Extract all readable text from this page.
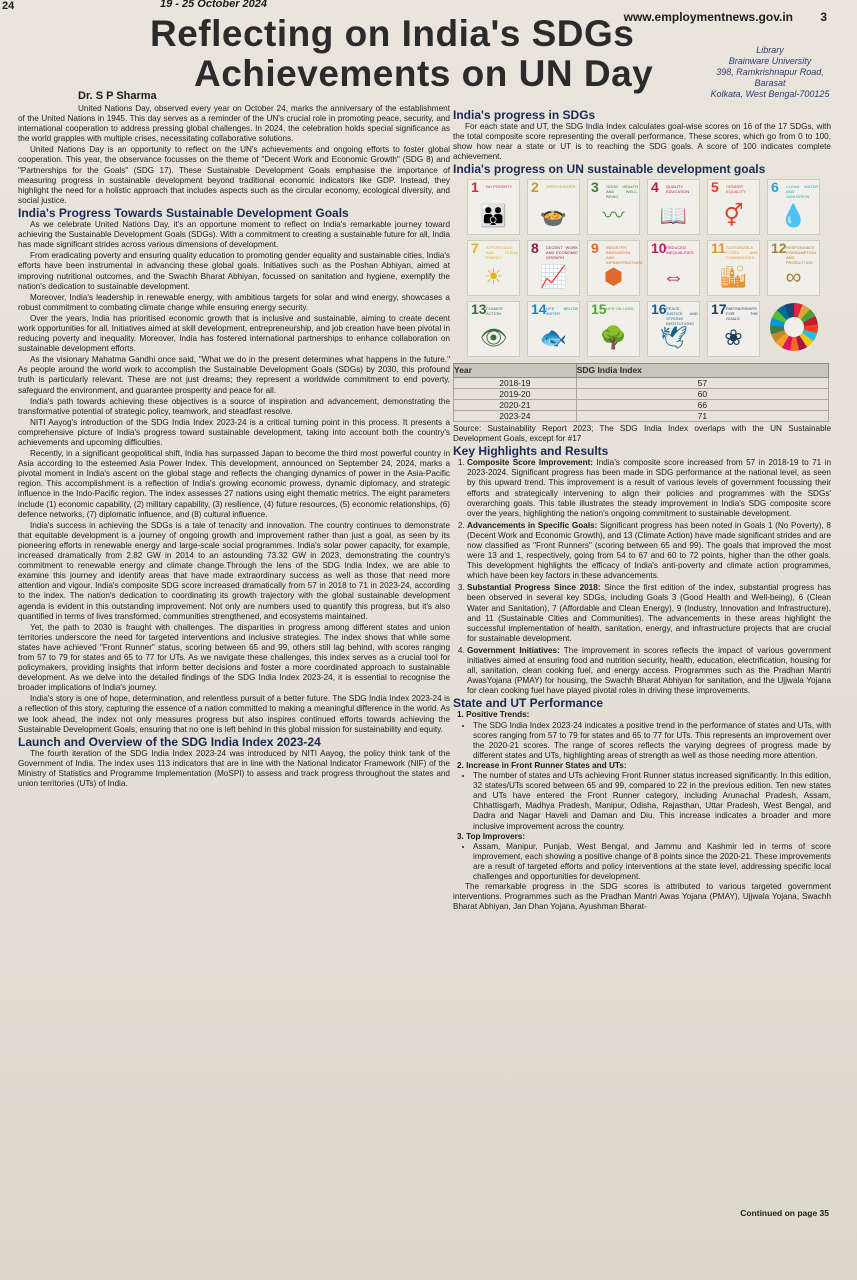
24	19 - 25 October 2024
www.employmentnews.gov.in 3
Reflecting on India's SDGs
Achievements on UN Day
Library
Brainware University
398, Ramkrishnapur Road, Barasat
Kolkata, West Bengal-700125
Dr. S P Sharma

United Nations Day, observed every year on October 24, marks the anniversary of the establishment of the United Nations in 1945. This day serves as a reminder of the UN's crucial role in promoting peace, security, and international cooperation to address pressing global challenges. In 2024, the celebration holds special significance as the world grapples with multiple crises, necessitating collaborative solutions.

United Nations Day is an opportunity to reflect on the UN's achievements and ongoing efforts to foster global cooperation. This year, the observance focusses on the theme of "Decent Work and Economic Growth" (SDG 8) and "Partnerships for the Goals" (SDG 17). These Sustainable Development Goals emphasise the importance of measuring progress in sustainable development beyond traditional economic indicators like GDP. Instead, they highlight the need for a holistic approach that includes aspects such as the circular economy, ecological diversity, and social justice.

India's Progress Towards Sustainable Development Goals

As we celebrate United Nations Day, it's an opportune moment to reflect on India's remarkable journey toward achieving the Sustainable Development Goals (SDGs). With a commitment to creating a sustainable future for all, India has made significant strides across various dimensions of development.

From eradicating poverty and ensuring quality education to promoting gender equality and sustainable cities, India's efforts have been instrumental in advancing these global goals. Initiatives such as the Poshan Abhiyan, aimed at improving nutritional outcomes, and the Swachh Bharat Abhiyan, focussed on sanitation and hygiene, exemplify the nation's dedication to sustainable development.

Moreover, India's leadership in renewable energy, with ambitious targets for solar and wind energy, showcases a robust commitment to combating climate change while ensuring energy security.

Over the years, India has prioritised economic growth that is inclusive and sustainable, aiming to create decent work opportunities for all. Initiatives aimed at skill development, entrepreneurship, and job creation have been pivotal in reducing poverty and inequality. Moreover, India has fostered international partnerships to enhance collaboration on sustainable development efforts.

As the visionary Mahatma Gandhi once said, "What we do in the present determines what happens in the future." As people around the world work to accomplish the Sustainable Development Goals (SDGs) by 2030, this profound truth is particularly relevant. These are not just dreams; they represent a worldwide commitment to end poverty, safeguard the environment, and guarantee prosperity and peace for all.

India's path towards achieving these objectives is a source of inspiration and advancement, demonstrating the transformative potential of strategic policy, teamwork, and steadfast resolve.

NITI Aayog's introduction of the SDG India Index 2023-24 is a critical turning point in this process. It presents a comprehensive picture of India's progress toward sustainable development, taking into account both the country's achievements and upcoming difficulties.

Recently, in a significant geopolitical shift, India has surpassed Japan to become the third most powerful country in Asia according to the esteemed Asia Power Index. This development, announced on September 24, 2024, marks a pivotal moment in India's ascent on the global stage and reflects the changing dynamics of power in the Asia-Pacific region. This accomplishment is a reflection of India's growing economic prowess, dynamic diplomacy, and strategic influence in the Indo-Pacific region. The index assesses 27 nations using eight thematic metrics. The eight parameters include (1) economic capability, (2) military capability, (3) resilience, (4) future resources, (5) economic relationships, (6) defence networks, (7) diplomatic influence, and (8) cultural influence.

India's success in achieving the SDGs is a tale of tenacity and innovation. The country continues to demonstrate that equitable development is a journey of ongoing growth and improvement rather than just a goal, as seen by its pioneering efforts in renewable energy and large-scale social programmes. India's solar power capacity, for example, increased dramatically from 2.82 GW in 2014 to an astounding 73.32 GW in 2023, demonstrating the country's commitment to renewable energy and climate change.Through the lens of the SDG India Index, we are able to examine this journey and identify areas that have made extraordinary success as well as those that need more attention and vigour. India's composite SDG score increased dramatically from 57 in 2018 to 71 in 2023-24, according to the index. The nation's dedication to coordinating its growth trajectory with the global sustainable development agenda is evident in this outstanding improvement. Not only are numbers used to quantify this progress, but it's also quantified in terms of lives transformed, communities strengthened, and ecosystems maintained.

Yet, the path to 2030 is fraught with challenges. The disparities in progress among different states and union territories underscore the need for targeted interventions and inclusive strategies. The index shows that while some states have achieved "Front Runner" status, scoring between 65 and 99, others still lag behind, with scores ranging from 57 to 79 for states and 65 to 77 for UTs. As we navigate these challenges, this index serves as a crucial tool for policymakers, providing insights that inform better decisions and foster a more coordinated approach to sustainable development. As we delve into the detailed findings of the SDG India Index 2023-24, it is essential to recognise the broader implications of India's journey.

India's story is one of hope, determination, and relentless pursuit of a better future. The SDG India Index 2023-24 is a reflection of this story, capturing the essence of a nation committed to making a meaningful difference in the world. As we look ahead, the index not only measures progress but also inspires continued efforts towards achieving the Sustainable Development Goals, ensuring that no one is left behind in this global mission for sustainability and equity.

Launch and Overview of the SDG India Index 2023-24

The fourth iteration of the SDG India Index 2023-24 was introduced by NITI Aayog, the policy think tank of the Government of India. The index uses 113 indicators that are in line with the National Indicator Framework (NIF) of the Ministry of Statistics and Programme Implementation (MoSPI) to assess and track progress throughout the states and union territories (UTs) of India.

India's progress in SDGs

For each state and UT, the SDG India Index calculates goal-wise scores on 16 of the 17 SDGs, with the total composite score representing the overall performance. These scores, which go from 0 to 100, show how near a state or UT is to reaching the SDG goals. A score of 100 indicates complete achievement.

India's progress on UN sustainable development goals
1 NO POVERTY
👪
2 ZERO HUNGER
🍲
3 GOOD HEALTH AND WELL-BEING
〰
4 QUALITY EDUCATION
📖
5 GENDER EQUALITY
⚥
6 CLEAN WATER AND SANITATION
💧
7 AFFORDABLE AND CLEAN ENERGY
☀
8 DECENT WORK AND ECONOMIC GROWTH
📈
9 INDUSTRY, INNOVATION AND INFRASTRUCTURE
⬢
10 REDUCED INEQUALITIES
⇔
11 SUSTAINABLE CITIES AND COMMUNITIES
🏙
12 RESPONSIBLE CONSUMPTION AND PRODUCTION
∞
13 CLIMATE ACTION
👁
14 LIFE BELOW WATER
🐟
15 LIFE ON LAND
🌳
16 PEACE, JUSTICE AND STRONG INSTITUTIONS
🕊
17 PARTNERSHIPS FOR THE GOALS
❀
Year	SDG India Index
2018-19	57
2019-20	60
2020-21	66
2023-24	71

Source: Sustainability Report 2023; The SDG India Index overlaps with the UN Sustainable Development Goals, except for #17

Key Highlights and Results
1. Composite Score Improvement: India's composite score increased from 57 in 2018-19 to 71 in 2023-2024. Significant progress has been made in SDG performance at the national level, as seen by this upward trend. This improvement is a result of various levels of government focussing their efforts and strategically intervening to align their policies and programmes with the SDGs' overarching goals. This table illustrates the steady improvement in India's SDG composite score over the years, highlighting the nation's ongoing commitment to sustainable development.
2. Advancements in Specific Goals: Significant progress has been noted in Goals 1 (No Poverty), 8 (Decent Work and Economic Growth), and 13 (Climate Action) have made significant strides and are now classified as "Front Runners" (scoring between 65 and 99). The goals that improved the most were 13 and 1, respectively, going from 54 to 67 and 60 to 72 points, higher than the other goals. This development highlights the efficacy of India's anti-poverty and climate action programmes, which have been key factors in these advancements.
3. Substantial Progress Since 2018: Since the first edition of the index, substantial progress has been observed in several key SDGs, including Goals 3 (Good Health and Well-being), 6 (Clean Water and Sanitation), 7 (Affordable and Clean Energy), 9 (Industry, Innovation and Infrastructure), and 11 (Sustainable Cities and Communities). The advancements in these areas highlight the successful implementation of health, sanitation, energy, and infrastructure projects that are crucial for sustainable development.
4. Government Initiatives: The improvement in scores reflects the impact of various government initiatives aimed at ensuring food and nutrition security, health, education, electrification, housing for all, sanitation, clean cooking fuel, and energy access. Programmes such as the Pradhan Mantri AwasYojana (PMAY) for housing, the Swachh Bharat Abhiyan for sanitation, and the Ujjwala Yojana for clean cooking fuel have played pivotal roles in driving these improvements.
State and UT Performance
1. Positive Trends:
• The SDG India Index 2023-24 indicates a positive trend in the performance of states and UTs, with scores ranging from 57 to 79 for states and 65 to 77 for UTs. This represents an improvement over the 2020-21 scores. The range of scores reflects the varying degrees of progress made by different states and UTs, highlighting areas of strength as well as those needing more attention.
2. Increase in Front Runner States and UTs:
• The number of states and UTs achieving Front Runner status increased significantly. In this edition, 32 states/UTs scored between 65 and 99, compared to 22 in the previous edition. Ten new states and UTs have entered the Front Runner category, including Arunachal Pradesh, Assam, Chhattisgarh, Madhya Pradesh, Manipur, Odisha, Rajasthan, Uttar Pradesh, West Bengal, and Dadra and Nagar Haveli and Daman and Diu. This increase indicates a broader and more inclusive improvement across the country.
3. Top Improvers:
• Assam, Manipur, Punjab, West Bengal, and Jammu and Kashmir led in terms of score improvement, each showing a positive change of 8 points since the 2020-21. These improvements are a result of targeted efforts and policy interventions at the state level, addressing specific local challenges and opportunities for development.

The remarkable progress in the SDG scores is attributed to various targeted government interventions. Programmes such as the Pradhan Mantri Awas Yojana (PMAY), Ujjwala Yojana, Swachh Bharat Abhiyan, Jan Dhan Yojana, Ayushman Bharat-

Continued on page 35
